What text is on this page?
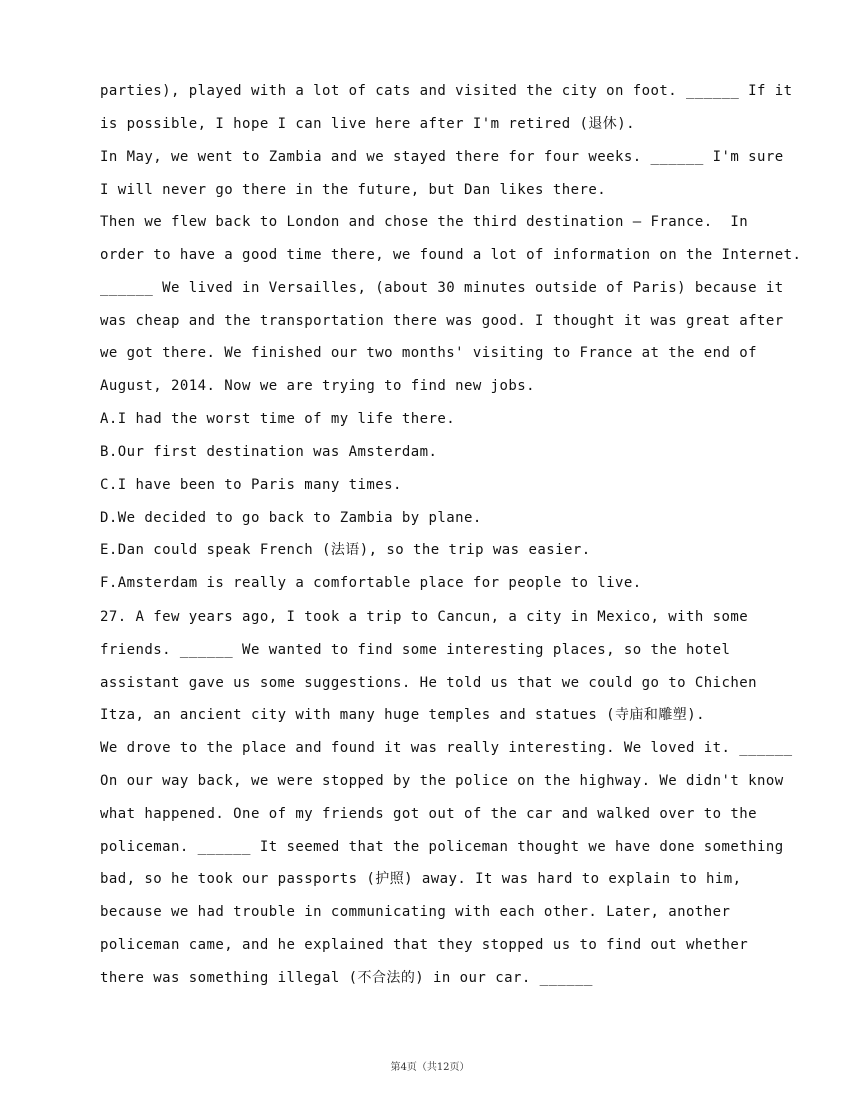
parties), played with a lot of cats and visited the city on foot. ______ If it
is possible, I hope I can live here after I'm retired (退休).
In May, we went to Zambia and we stayed there for four weeks. ______ I'm sure
I will never go there in the future, but Dan likes there.
Then we flew back to London and chose the third destination — France.  In
order to have a good time there, we found a lot of information on the Internet.
______ We lived in Versailles, (about 30 minutes outside of Paris) because it
was cheap and the transportation there was good. I thought it was great after
we got there. We finished our two months' visiting to France at the end of
August, 2014. Now we are trying to find new jobs.
A.I had the worst time of my life there.
B.Our first destination was Amsterdam.
C.I have been to Paris many times.
D.We decided to go back to Zambia by plane.
E.Dan could speak French (法语), so the trip was easier.
F.Amsterdam is really a comfortable place for people to live.
27. A few years ago, I took a trip to Cancun, a city in Mexico, with some
friends. ______ We wanted to find some interesting places, so the hotel
assistant gave us some suggestions. He told us that we could go to Chichen
Itza, an ancient city with many huge temples and statues (寺庙和雕塑).
We drove to the place and found it was really interesting. We loved it. ______
On our way back, we were stopped by the police on the highway. We didn't know
what happened. One of my friends got out of the car and walked over to the
policeman. ______ It seemed that the policeman thought we have done something
bad, so he took our passports (护照) away. It was hard to explain to him,
because we had trouble in communicating with each other. Later, another
policeman came, and he explained that they stopped us to find out whether
there was something illegal (不合法的) in our car. ______
第4页（共12页）
